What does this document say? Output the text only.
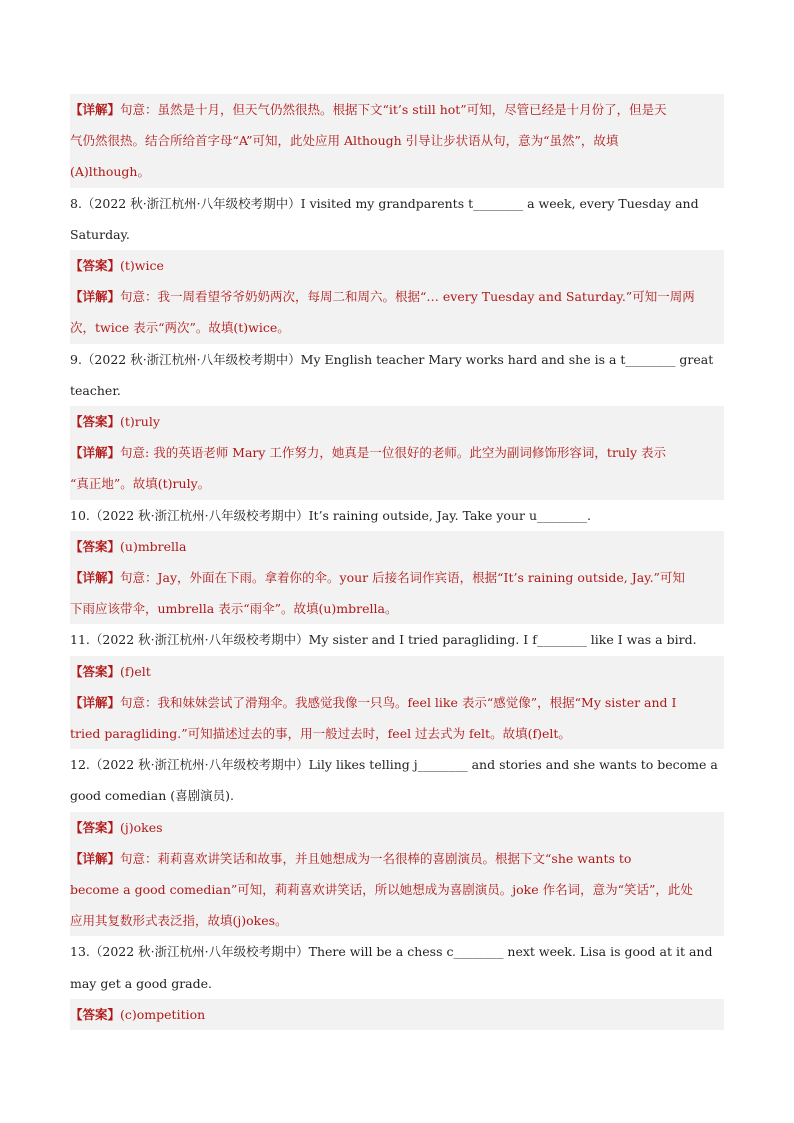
【详解】句意：虽然是十月，但天气仍然很热。根据下文“it’s still hot”可知，尽管已经是十月份了，但是天
气仍然很热。结合所给首字母“A”可知，此处应用 Although 引导让步状语从句，意为“虽然”，故填
(A)lthough。
8.（2022 秋·浙江杭州·八年级校考期中）I visited my grandparents t________ a week, every Tuesday and
Saturday.
【答案】(t)wice
【详解】句意：我一周看望爷爷奶奶两次，每周二和周六。根据“… every Tuesday and Saturday.”可知一周两
次，twice 表示“两次”。故填(t)wice。
9.（2022 秋·浙江杭州·八年级校考期中）My English teacher Mary works hard and she is a t________ great
teacher.
【答案】(t)ruly
【详解】句意: 我的英语老师 Mary 工作努力，她真是一位很好的老师。此空为副词修饰形容词，truly 表示
“真正地”。故填(t)ruly。
10.（2022 秋·浙江杭州·八年级校考期中）It’s raining outside, Jay. Take your u________.
【答案】(u)mbrella
【详解】句意：Jay，外面在下雨。拿着你的伞。your 后接名词作宾语，根据“It’s raining outside, Jay.”可知
下雨应该带伞，umbrella 表示“雨伞”。故填(u)mbrella。
11.（2022 秋·浙江杭州·八年级校考期中）My sister and I tried paragliding. I f________ like I was a bird.
【答案】(f)elt
【详解】句意：我和妹妹尝试了滑翔伞。我感觉我像一只鸟。feel like 表示“感觉像”，根据“My sister and I
tried paragliding.”可知描述过去的事，用一般过去时，feel 过去式为 felt。故填(f)elt。
12.（2022 秋·浙江杭州·八年级校考期中）Lily likes telling j________ and stories and she wants to become a
good comedian (喜剧演员).
【答案】(j)okes
【详解】句意：莉莉喜欢讲笑话和故事，并且她想成为一名很棒的喜剧演员。根据下文“she wants to
become a good comedian”可知，莉莉喜欢讲笑话，所以她想成为喜剧演员。joke 作名词，意为“笑话”，此处
应用其复数形式表泛指，故填(j)okes。
13.（2022 秋·浙江杭州·八年级校考期中）There will be a chess c________ next week. Lisa is good at it and
may get a good grade.
【答案】(c)ompetition
